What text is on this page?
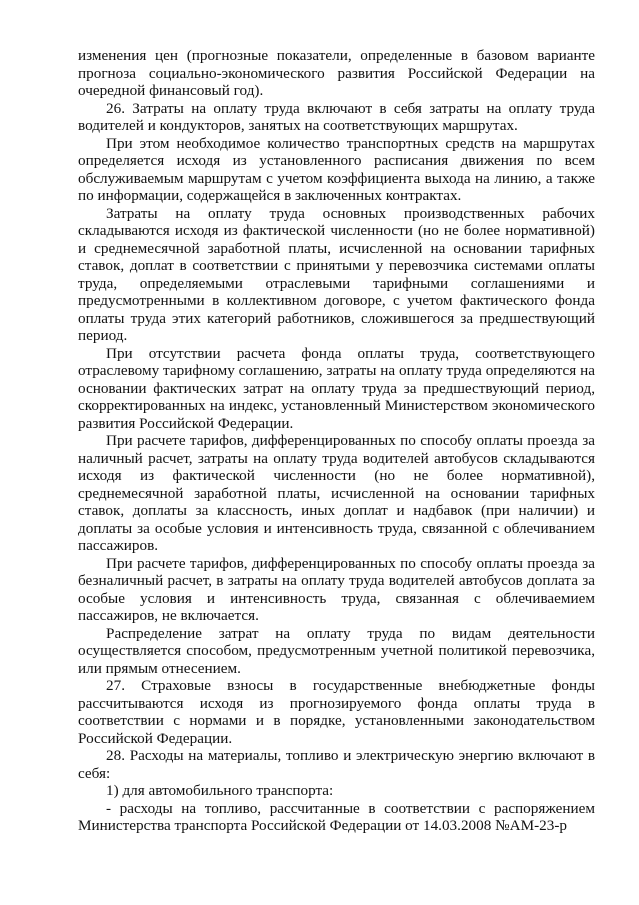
изменения цен (прогнозные показатели, определенные в базовом варианте прогноза социально-экономического развития Российской Федерации на очередной финансовый год).

26. Затраты на оплату труда включают в себя затраты на оплату труда водителей и кондукторов, занятых на соответствующих маршрутах.

При этом необходимое количество транспортных средств на маршрутах определяется исходя из установленного расписания движения по всем обслуживаемым маршрутам с учетом коэффициента выхода на линию, а также по информации, содержащейся в заключенных контрактах.

Затраты на оплату труда основных производственных рабочих складываются исходя из фактической численности (но не более нормативной) и среднемесячной заработной платы, исчисленной на основании тарифных ставок, доплат в соответствии с принятыми у перевозчика системами оплаты труда, определяемыми отраслевыми тарифными соглашениями и предусмотренными в коллективном договоре, с учетом фактического фонда оплаты труда этих категорий работников, сложившегося за предшествующий период.

При отсутствии расчета фонда оплаты труда, соответствующего отраслевому тарифному соглашению, затраты на оплату труда определяются на основании фактических затрат на оплату труда за предшествующий период, скорректированных на индекс, установленный Министерством экономического развития Российской Федерации.

При расчете тарифов, дифференцированных по способу оплаты проезда за наличный расчет, затраты на оплату труда водителей автобусов складываются исходя из фактической численности (но не более нормативной), среднемесячной заработной платы, исчисленной на основании тарифных ставок, доплаты за классность, иных доплат и надбавок (при наличии) и доплаты за особые условия и интенсивность труда, связанной с облечиванием пассажиров.

При расчете тарифов, дифференцированных по способу оплаты проезда за безналичный расчет, в затраты на оплату труда водителей автобусов доплата за особые условия и интенсивность труда, связанная с облечиваемием пассажиров, не включается.

Распределение затрат на оплату труда по видам деятельности осуществляется способом, предусмотренным учетной политикой перевозчика, или прямым отнесением.

27. Страховые взносы в государственные внебюджетные фонды рассчитываются исходя из прогнозируемого фонда оплаты труда в соответствии с нормами и в порядке, установленными законодательством Российской Федерации.

28. Расходы на материалы, топливо и электрическую энергию включают в себя:

1) для автомобильного транспорта:

- расходы на топливо, рассчитанные в соответствии с распоряжением Министерства транспорта Российской Федерации от 14.03.2008 №АМ-23-р
